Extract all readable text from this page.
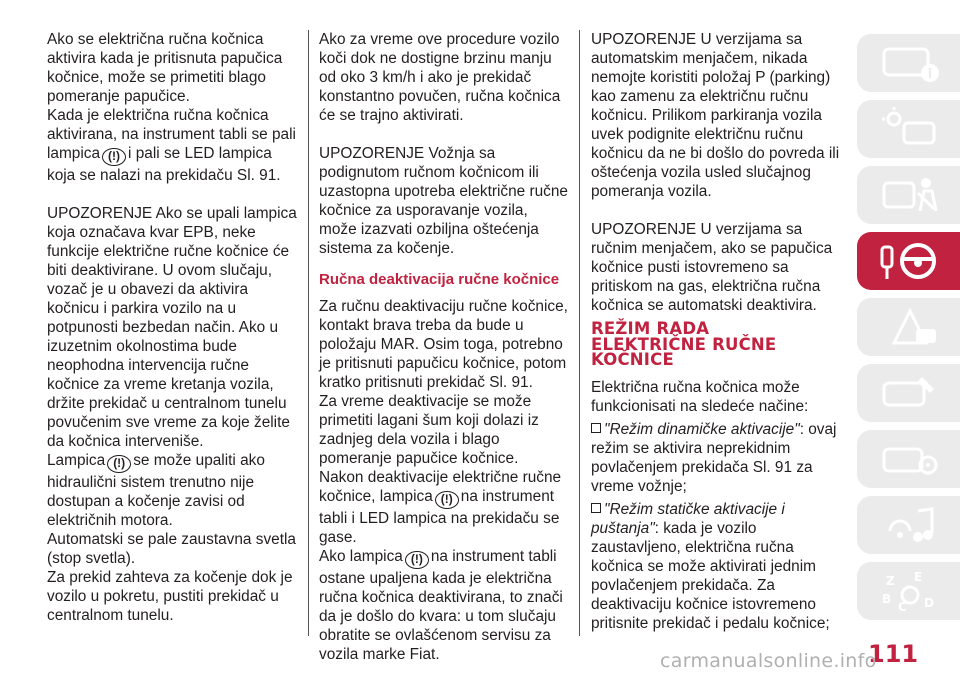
Ako se električna ručna kočnica aktivira kada je pritisnuta papučica kočnice, može se primetiti blago pomeranje papučice.

Kada je električna ručna kočnica aktivirana, na instrument tabli se pali lampica (!) i pali se LED lampica koja se nalazi na prekidaču Sl. 91.

UPOZORENJE Ako se upali lampica koja označava kvar EPB, neke funkcije električne ručne kočnice će biti deaktivirane. U ovom slučaju, vozač je u obavezi da aktivira kočnicu i parkira vozilo na u potpunosti bezbedan način. Ako u izuzetnim okolnostima bude neophodna intervencija ručne kočnice za vreme kretanja vozila, držite prekidač u centralnom tunelu povučenim sve vreme za koje želite da kočnica interveniše.

Lampica (!) se može upaliti ako hidraulični sistem trenutno nije dostupan a kočenje zavisi od električnih motora.

Automatski se pale zaustavna svetla (stop svetla).

Za prekid zahteva za kočenje dok je vozilo u pokretu, pustiti prekidač u centralnom tunelu.

Ako za vreme ove procedure vozilo koči dok ne dostigne brzinu manju od oko 3 km/h i ako je prekidač konstantno povučen, ručna kočnica će se trajno aktivirati.

UPOZORENJE Vožnja sa podignutom ručnom kočnicom ili uzastopna upotreba električne ručne kočnice za usporavanje vozila, može izazvati ozbiljna oštećenja sistema za kočenje.

Ručna deaktivacija ručne kočnice

Za ručnu deaktivaciju ručne kočnice, kontakt brava treba da bude u položaju MAR. Osim toga, potrebno je pritisnuti papučicu kočnice, potom kratko pritisnuti prekidač Sl. 91.

Za vreme deaktivacije se može primetiti lagani šum koji dolazi iz zadnjeg dela vozila i blago pomeranje papučice kočnice.

Nakon deaktivacije električne ručne kočnice, lampica (!) na instrument tabli i LED lampica na prekidaču se gase.

Ako lampica (!) na instrument tabli ostane upaljena kada je električna ručna kočnica deaktivirana, to znači da je došlo do kvara: u tom slučaju obratite se ovlašćenom servisu za vozila marke Fiat.

UPOZORENJE U verzijama sa automatskim menjačem, nikada nemojte koristiti položaj P (parking) kao zamenu za električnu ručnu kočnicu. Prilikom parkiranja vozila uvek podignite električnu ručnu kočnicu da ne bi došlo do povreda ili oštećenja vozila usled slučajnog pomeranja vozila.

UPOZORENJE U verzijama sa ručnim menjačem, ako se papučica kočnice pusti istovremeno sa pritiskom na gas, električna ručna kočnica se automatski deaktivira.

REŽIM RADA
ELEKTRIČNE RUČNE
KOČNICE

Električna ručna kočnica može funkcionisati na sledeće načine:

"Režim dinamičke aktivacije": ovaj režim se aktivira neprekidnim povlačenjem prekidača Sl. 91 za vreme vožnje;

"Režim statičke aktivacije i puštanja": kada je vozilo zaustavljeno, električna ručna kočnica se može aktivirati jednim povlačenjem prekidača. Za deaktivaciju kočnice istovremeno pritisnite prekidač i pedalu kočnice;

i
Z E
B
C D
111
carmanualsonline.info
